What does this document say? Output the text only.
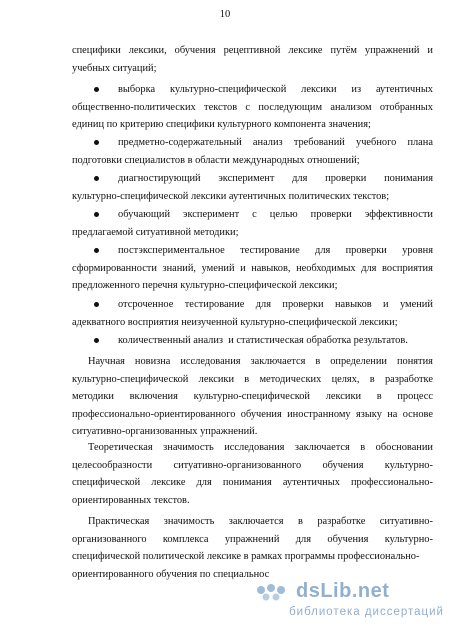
10
dsLib.net
библиотека диссертаций
специфики лексики, обучения рецептивной лексике путём упражнений и
учебных ситуаций;
выборка культурно-специфической лексики из аутентичных
общественно-политических текстов с последующим анализом отобранных
единиц по критерию специфики культурного компонента значения;
предметно-содержательный анализ требований учебного плана
подготовки специалистов в области международных отношений;
диагностирующий эксперимент для проверки понимания
культурно-специфической лексики аутентичных политических текстов;
обучающий эксперимент с целью проверки эффективности
предлагаемой ситуативной методики;
постэкспериментальное тестирование для проверки уровня
сформированности знаний, умений и навыков, необходимых для восприятия
предложенного перечня культурно-специфической лексики;
отсроченное тестирование для проверки навыков и умений
адекватного восприятия неизученной культурно-специфической лексики;
количественный анализ  и статистическая обработка результатов.
Научная новизна исследования заключается в определении понятия
культурно-специфической лексики в методических целях, в разработке
методики включения культурно-специфической лексики в процесс
профессионально-ориентированного обучения иностранному языку на основе
ситуативно-организованных упражнений.
Теоретическая значимость исследования заключается в обосновании
целесообразности ситуативно-организованного обучения культурно-
специфической лексике для понимания аутентичных профессионально-
ориентированных текстов.
Практическая значимость заключается в разработке ситуативно-
организованного комплекса упражнений для обучения культурно-
специфической политической лексике в рамках программы профессионально-
ориентированного обучения по специальнос
